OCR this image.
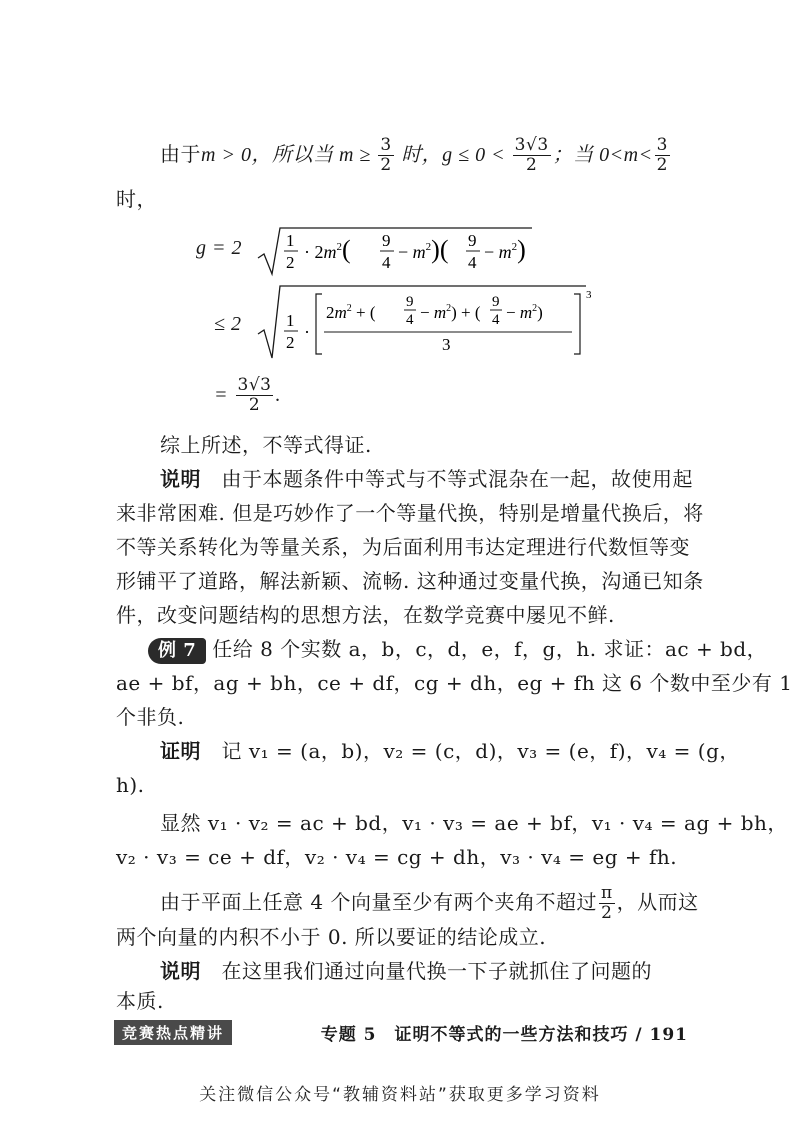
由于m > 0，所以当 $m \ge \frac{3}{2}$ 时，$g \le 0 < \frac{3√3}{2}$ ；当 $0<m< \frac{3}{2}$
时，
g = 2	1
2
· $2m^2$( 9
4
− $m^2$)( 9
4
− $m^2$)
≤ 2	1
2
·
$2m^2$ + (
9
$4 - m^2$) + (
9
$4 - m^2$)
3
3
= $\frac{3√3}{2}$ .
综上所述，不等式得证.
说明　 由于本题条件中等式与不等式混杂在一起，故使用起
来非常困难. 但是巧妙作了一个等量代换，特别是增量代换后，将
不等关系转化为等量关系，为后面利用韦达定理进行代数恒等变
形铺平了道路，解法新颖、流畅. 这种通过变量代换，沟通已知条
件，改变问题结构的思想方法，在数学竞赛中屡见不鲜.
例 7 任给 8 个实数 a，b，c，d，e，f，g，h. 求证：ac + bd，
ae + bf，ag + bh，ce + df，cg + dh，eg + fh 这 6 个数中至少有 1
个非负.
证明　 记 v₁ = (a，b)，v₂ = (c，d)，v₃ = (e，f)，v₄ = (g，
h).
显然 v₁ · v₂ = ac + bd，v₁ · v₃ = ae + bf，v₁ · v₄ = ag + bh，
v₂ · v₃ = ce + df，v₂ · v₄ = cg + dh，v₃ · v₄ = eg + fh.
由于平面上任意 4 个向量至少有两个夹角不超过 $\frac{\pi}{2}$ ，从而这
两个向量的内积不小于 0. 所以要证的结论成立.
说明　 在这里我们通过向量代换一下子就抓住了问题的
竞赛热点精讲	专题 5　证明不等式的一些方法和技巧 / 191
关注微信公众号“教辅资料站”获取更多学习资料
本质.
